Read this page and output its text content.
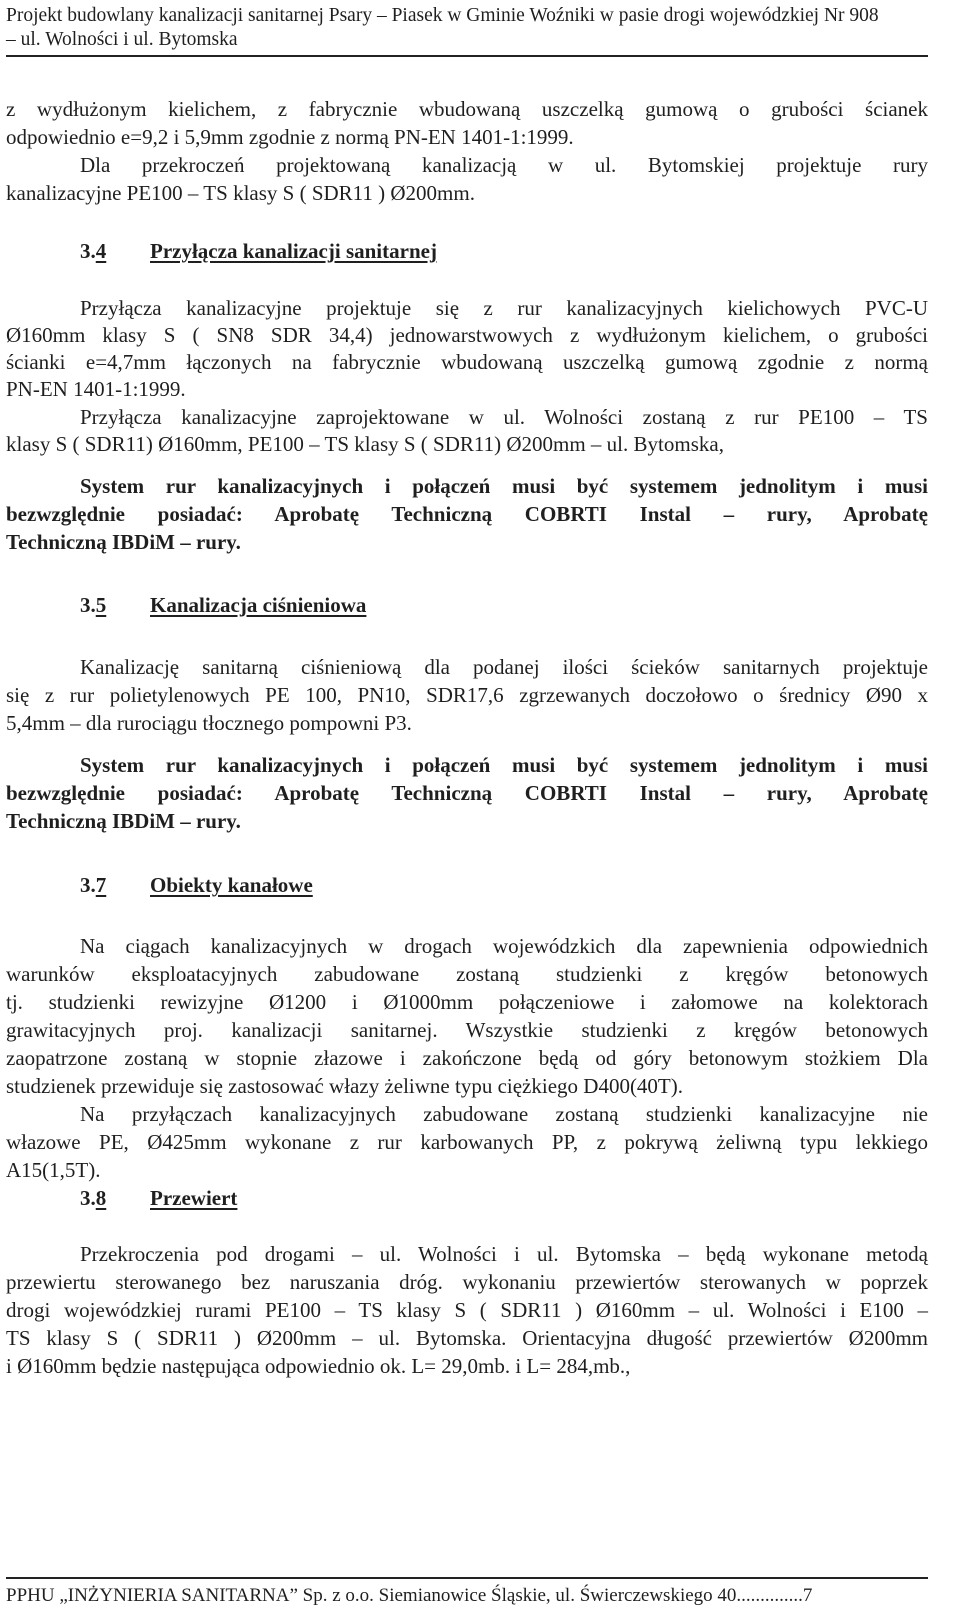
Projekt budowlany kanalizacji sanitarnej Psary – Piasek w Gminie Woźniki w pasie drogi wojewódzkiej Nr 908
– ul. Wolności i ul. Bytomska
z wydłużonym kielichem, z fabrycznie wbudowaną uszczelką gumową o grubości ścianek
odpowiednio e=9,2 i 5,9mm zgodnie z normą PN-EN 1401-1:1999.
Dla przekroczeń projektowaną kanalizacją w ul. Bytomskiej projektuje rury
kanalizacyjne PE100 – TS klasy S ( SDR11 ) Ø200mm.
3.4 Przyłącza kanalizacji sanitarnej
Przyłącza kanalizacyjne projektuje się z rur kanalizacyjnych kielichowych PVC-U
Ø160mm klasy S ( SN8 SDR 34,4) jednowarstwowych z wydłużonym kielichem, o grubości
ścianki e=4,7mm łączonych na fabrycznie wbudowaną uszczelką gumową zgodnie z normą
PN-EN 1401-1:1999.
Przyłącza kanalizacyjne zaprojektowane w ul. Wolności zostaną z rur PE100 – TS
klasy S ( SDR11) Ø160mm, PE100 – TS klasy S ( SDR11) Ø200mm – ul. Bytomska,
System rur kanalizacyjnych i połączeń musi być systemem jednolitym i musi
bezwzględnie posiadać: Aprobatę Techniczną COBRTI Instal – rury, Aprobatę
Techniczną IBDiM – rury.
3.5 Kanalizacja ciśnieniowa
Kanalizację sanitarną ciśnieniową dla podanej ilości ścieków sanitarnych projektuje
się z rur polietylenowych PE 100, PN10, SDR17,6 zgrzewanych doczołowo o średnicy Ø90 x
5,4mm – dla rurociągu tłocznego pompowni P3.
System rur kanalizacyjnych i połączeń musi być systemem jednolitym i musi
bezwzględnie posiadać: Aprobatę Techniczną COBRTI Instal – rury, Aprobatę
Techniczną IBDiM – rury.
3.7 Obiekty kanałowe
Na ciągach kanalizacyjnych w drogach wojewódzkich dla zapewnienia odpowiednich
warunków eksploatacyjnych zabudowane zostaną studzienki z kręgów betonowych
tj. studzienki rewizyjne Ø1200 i Ø1000mm połączeniowe i załomowe na kolektorach
grawitacyjnych proj. kanalizacji sanitarnej. Wszystkie studzienki z kręgów betonowych
zaopatrzone zostaną w stopnie złazowe i zakończone będą od góry betonowym stożkiem Dla
studzienek przewiduje się zastosować włazy żeliwne typu ciężkiego D400(40T).
Na przyłączach kanalizacyjnych zabudowane zostaną studzienki kanalizacyjne nie
włazowe PE, Ø425mm wykonane z rur karbowanych PP, z pokrywą żeliwną typu lekkiego
A15(1,5T).
3.8 Przewiert
Przekroczenia pod drogami – ul. Wolności i ul. Bytomska – będą wykonane metodą
przewiertu sterowanego bez naruszania dróg. wykonaniu przewiertów sterowanych w poprzek
drogi wojewódzkiej rurami PE100 – TS klasy S ( SDR11 ) Ø160mm – ul. Wolności i E100 –
TS klasy S ( SDR11 ) Ø200mm – ul. Bytomska. Orientacyjna długość przewiertów Ø200mm
i Ø160mm będzie następująca odpowiednio ok. L= 29,0mb. i L= 284,mb.,
PPHU „INŻYNIERIA SANITARNA” Sp. z o.o. Siemianowice Śląskie, ul. Świerczewskiego 40..............7
